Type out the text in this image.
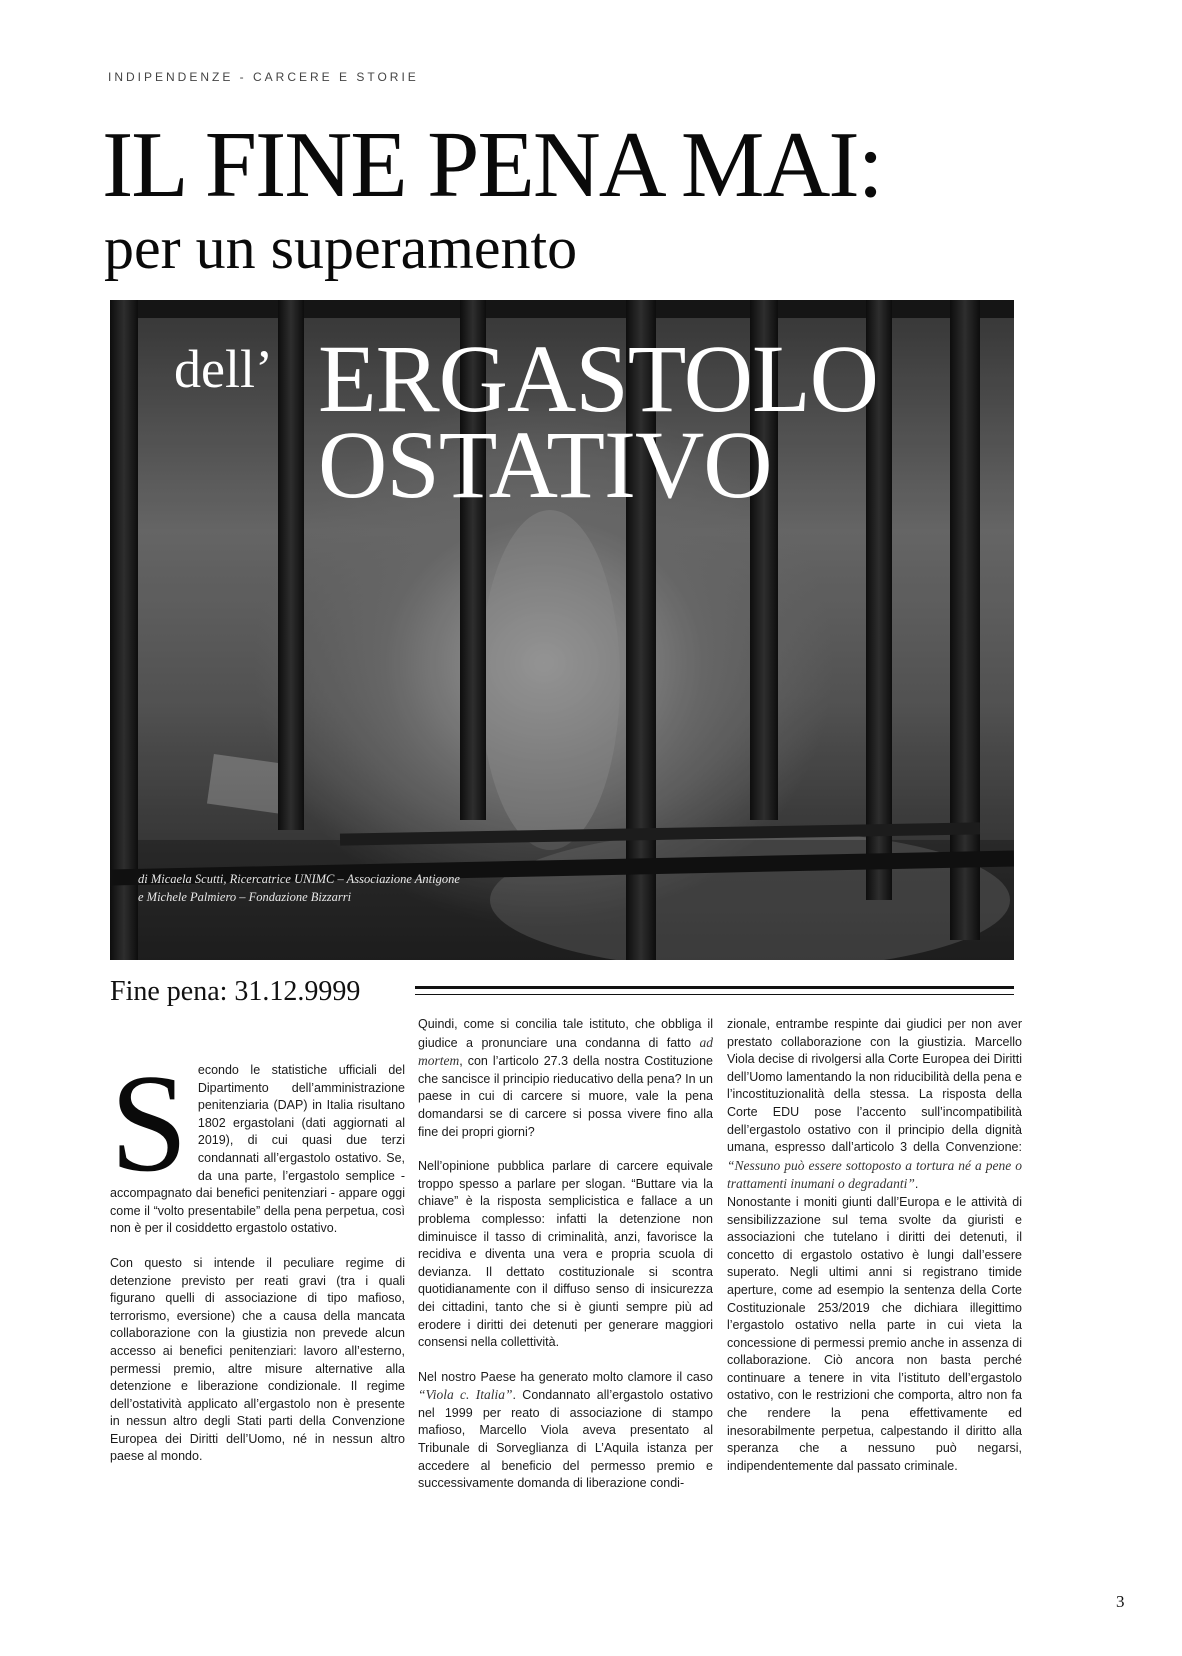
INDIPENDENZE - CARCERE E STORIE
IL FINE PENA MAI:
per un superamento
dell’ ERGASTOLO
OSTATIVO
di Micaela Scutti, Ricercatrice UNIMC – Associazione Antigone
e Michele Palmiero – Fondazione Bizzarri
Fine pena: 31.12.9999

Secondo le statistiche ufficiali del Dipartimento dell’amministrazione penitenziaria (DAP) in Italia risultano 1802 ergastolani (dati aggiornati al 2019), di cui quasi due terzi condannati all’ergastolo ostativo. Se, da una parte, l’ergastolo semplice - accompagnato dai benefici penitenziari - appare oggi come il “volto presentabile” della pena perpetua, così non è per il cosiddetto ergastolo ostativo.

Con questo si intende il peculiare regime di detenzione previsto per reati gravi (tra i quali figurano quelli di associazione di tipo mafioso, terrorismo, eversione) che a causa della mancata collaborazione con la giustizia non prevede alcun accesso ai benefici penitenziari: lavoro all’esterno, permessi premio, altre misure alternative alla detenzione e liberazione condizionale. Il regime dell’ostatività applicato all’ergastolo non è presente in nessun altro degli Stati parti della Convenzione Europea dei Diritti dell’Uomo, né in nessun altro paese al mondo.

Quindi, come si concilia tale istituto, che obbliga il giudice a pronunciare una condanna di fatto ad mortem, con l’articolo 27.3 della nostra Costituzione che sancisce il principio rieducativo della pena? In un paese in cui di carcere si muore, vale la pena domandarsi se di carcere si possa vivere fino alla fine dei propri giorni?

Nell’opinione pubblica parlare di carcere equivale troppo spesso a parlare per slogan. “Buttare via la chiave” è la risposta semplicistica e fallace a un problema complesso: infatti la detenzione non diminuisce il tasso di criminalità, anzi, favorisce la recidiva e diventa una vera e propria scuola di devianza. Il dettato costituzionale si scontra quotidianamente con il diffuso senso di insicurezza dei cittadini, tanto che si è giunti sempre più ad erodere i diritti dei detenuti per generare maggiori consensi nella collettività.

Nel nostro Paese ha generato molto clamore il caso “Viola c. Italia”. Condannato all’ergastolo ostativo nel 1999 per reato di associazione di stampo mafioso, Marcello Viola aveva presentato al Tribunale di Sorveglianza di L’Aquila istanza per accedere al beneficio del permesso premio e successivamente domanda di liberazione condi-

zionale, entrambe respinte dai giudici per non aver prestato collaborazione con la giustizia. Marcello Viola decise di rivolgersi alla Corte Europea dei Diritti dell’Uomo lamentando la non riducibilità della pena e l’incostituzionalità della stessa. La risposta della Corte EDU pose l’accento sull’incompatibilità dell’ergastolo ostativo con il principio della dignità umana, espresso dall’articolo 3 della Convenzione: “Nessuno può essere sottoposto a tortura né a pene o trattamenti inumani o degradanti”.

Nonostante i moniti giunti dall’Europa e le attività di sensibilizzazione sul tema svolte da giuristi e associazioni che tutelano i diritti dei detenuti, il concetto di ergastolo ostativo è lungi dall’essere superato. Negli ultimi anni si registrano timide aperture, come ad esempio la sentenza della Corte Costituzionale 253/2019 che dichiara illegittimo l’ergastolo ostativo nella parte in cui vieta la concessione di permessi premio anche in assenza di collaborazione. Ciò ancora non basta perché continuare a tenere in vita l’istituto dell’ergastolo ostativo, con le restrizioni che comporta, altro non fa che rendere la pena effettivamente ed inesorabilmente perpetua, calpestando il diritto alla speranza che a nessuno può negarsi, indipendentemente dal passato criminale.

3
